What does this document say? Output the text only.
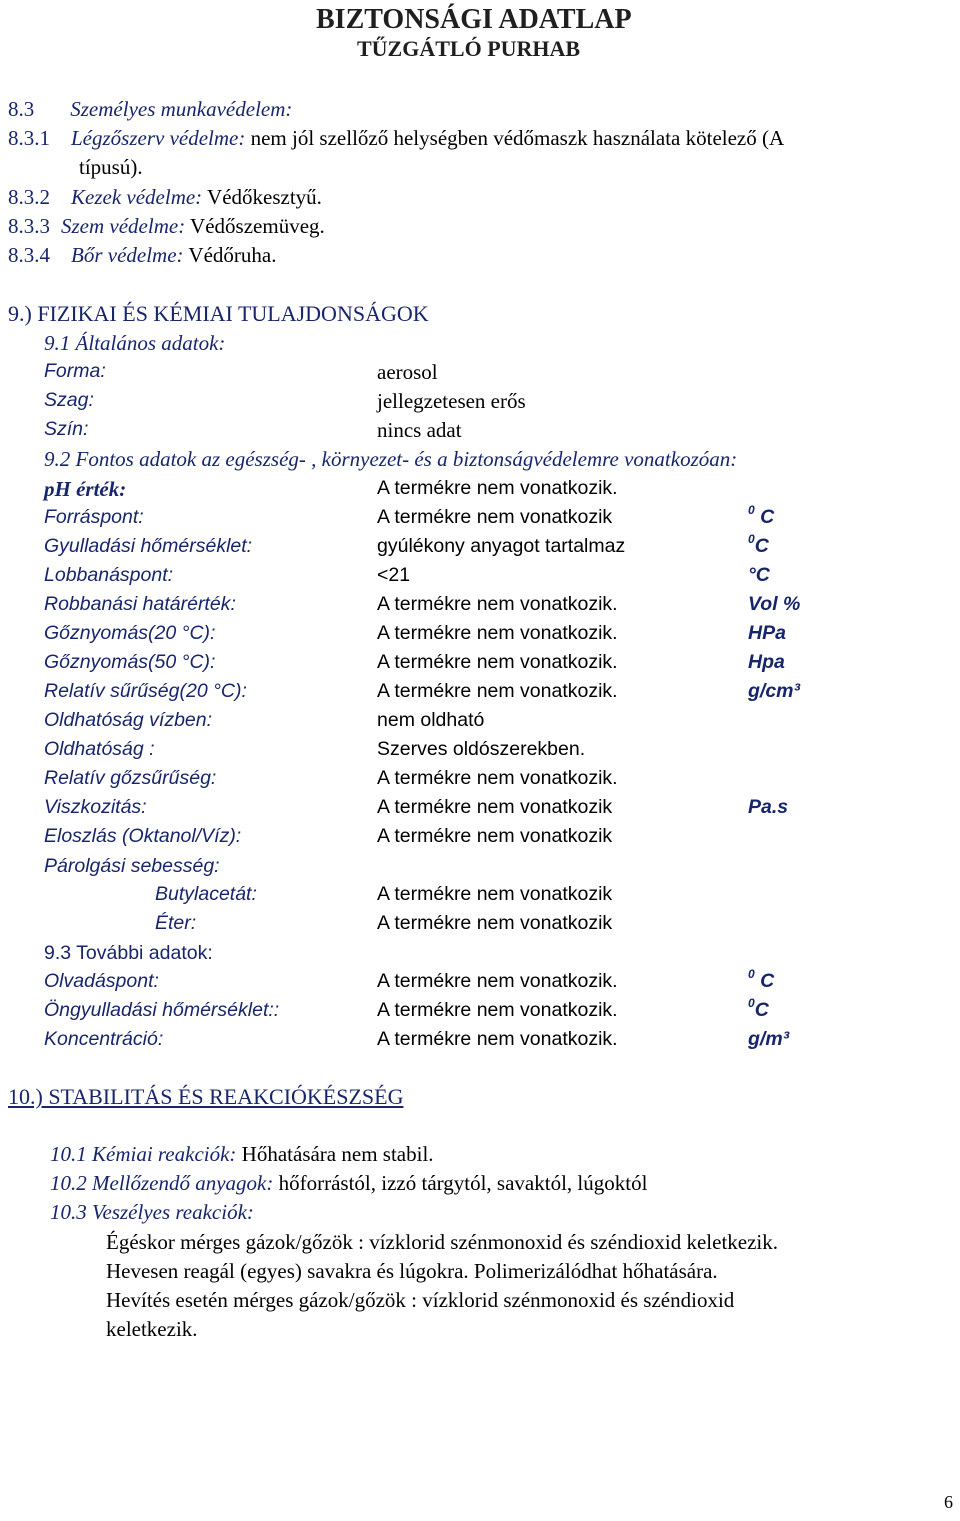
BIZTONSÁGI ADATLAP
TŰZGÁTLÓ PURHAB
8.3 Személyes munkavédelem:
8.3.1 Légzőszerv védelme: nem jól szellőző helységben védőmaszk használata kötelező (A
típusú).
8.3.2 Kezek védelme: Védőkesztyű.
8.3.3 Szem védelme: Védőszemüveg.
8.3.4 Bőr védelme: Védőruha.
9.) FIZIKAI ÉS KÉMIAI TULAJDONSÁGOK
9.1 Általános adatok:
Forma:	aerosol
Szag:	jellegzetesen erős
Szín:	nincs adat
9.2 Fontos adatok az egészség- , környezet- és a biztonságvédelemre vonatkozóan:
pH érték:	A termékre nem vonatkozik.
Forráspont:	A termékre nem vonatkozik	$^0$ C
Gyulladási hőmérséklet:	gyúlékony anyagot tartalmaz	$^0$C
Lobbanáspont:	<21	°C
Robbanási határérték:	A termékre nem vonatkozik.	Vol %
Gőznyomás(20 °C):	A termékre nem vonatkozik.	HPa
Gőznyomás(50 °C):	A termékre nem vonatkozik.	Hpa
Relatív sűrűség(20 °C):	A termékre nem vonatkozik.	g/cm³
Oldhatóság vízben:	nem oldható
Oldhatóság :	Szerves oldószerekben.
Relatív gőzsűrűség:	A termékre nem vonatkozik.
Viszkozitás:	A termékre nem vonatkozik	Pa.s
Eloszlás (Oktanol/Víz):	A termékre nem vonatkozik
Párolgási sebesség:
Butylacetát:	A termékre nem vonatkozik
Éter:	A termékre nem vonatkozik
9.3 További adatok:
Olvadáspont:	A termékre nem vonatkozik.	$^0$ C
Öngyulladási hőmérséklet::	A termékre nem vonatkozik.	$^0$C
Koncentráció:	A termékre nem vonatkozik.	g/m³
10.) STABILITÁS ÉS REAKCIÓKÉSZSÉG
10.1 Kémiai reakciók: Hőhatására nem stabil.
10.2 Mellőzendő anyagok: hőforrástól, izzó tárgytól, savaktól, lúgoktól
10.3 Veszélyes reakciók:
Égéskor mérges gázok/gőzök : vízklorid szénmonoxid és széndioxid keletkezik.
Hevesen reagál (egyes) savakra és lúgokra. Polimerizálódhat hőhatására.
Hevítés esetén mérges gázok/gőzök : vízklorid szénmonoxid és széndioxid
keletkezik.
6
